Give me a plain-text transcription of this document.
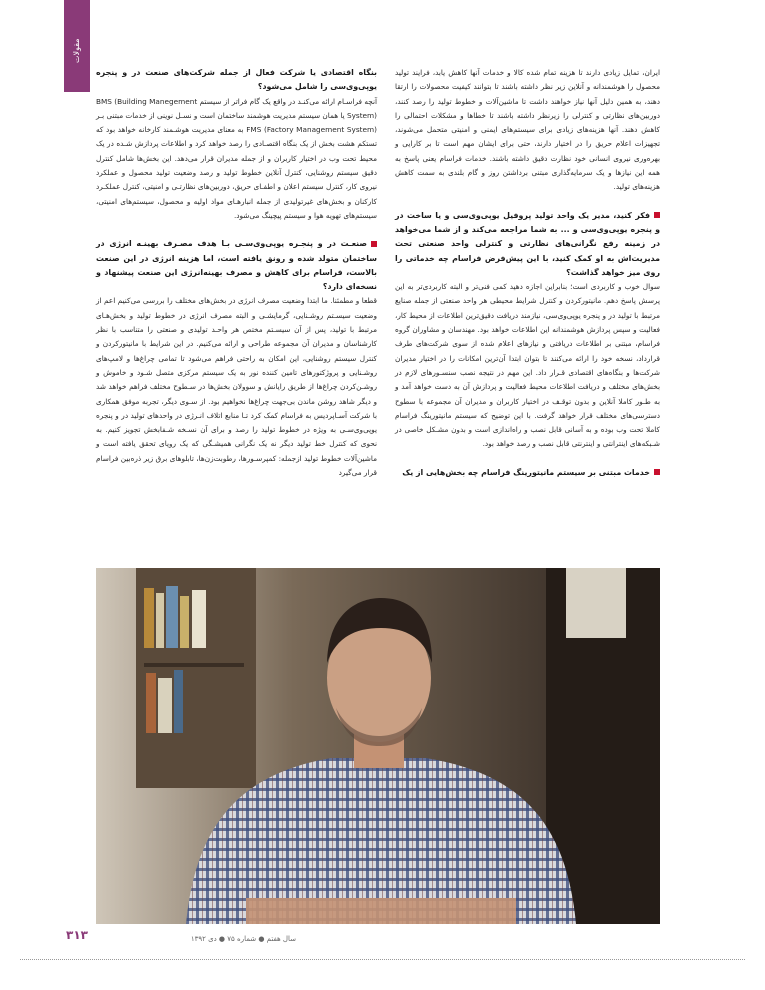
مقولات

ایران، تمایل زیادی دارند تا هزینه تمام شده کالا و خدمات آنها کاهش یابد، فرایند تولید محصول را هوشمندانه و آنلاین زیر نظر داشته باشند تا بتوانند کیفیت محصولات را ارتقا دهند، به همین دلیل آنها نیاز خواهند داشت تا ماشین‌آلات و خطوط تولید را رصد کنند، دوربین‌های نظارتی و کنترلی را زیرنظر داشته باشند تا خطاها و مشکلات احتمالی را کاهش دهند. آنها هزینه‌های زیادی برای سیستم‌های ایمنی و امنیتی متحمل می‌شوند، تجهیزات اعلام حریق را در اختیار دارند، حتی برای ایشان مهم است تا بر کارایی و بهره‌وری نیروی انسانی خود نظارت دقیق داشته باشند. خدمات فراسام یعنی پاسخ به همه این نیازها و یک سرمایه‌گذاری مبتنی برداشتن روز و گام بلندی به سمت کاهش هزینه‌های تولید.

فکر کنید، مدیر یک واحد تولید پروفیل یوپی‌وی‌سی و یا ساخت در و پنجره یوپی‌وی‌سی و ... به شما مراجعه می‌کند و از شما می‌خواهد در زمینه رفع نگرانی‌های نظارتی و کنترلی واحد صنعتی تحت مدیریت‌اش به او کمک کنید، با این پیش‌فرض فراسام چه خدماتی را روی میز خواهد گذاشت؟

سوال خوب و کاربردی است؛ بنابراین اجازه دهید کمی فنی‌تر و البته کاربردی‌تر به این پرسش پاسخ دهم. مانیتورکردن و کنترل شرایط محیطی هر واحد صنعتی از جمله صنایع مرتبط با تولید در و پنجره یوپی‌وی‌سی، نیازمند دریافت دقیق‌ترین اطلاعات از محیط کار، فعالیت و سپس پردازش هوشمندانه این اطلاعات خواهد بود. مهندسان و مشاوران گروه فراسام، مبتنی بر اطلاعات دریافتی و نیازهای اعلام شده از سوی شرکت‌های طرف قرارداد، نسخه خود را ارائه می‌کنند تا بتوان ابتدا آن‌ترین امکانات را در اختیار مدیران شرکت‌ها و بنگاه‌های اقتصادی قـرار داد. این مهم در نتیجه نصب سنسـورهای لازم در بخش‌های مختلف و دریافت اطلاعات محیط فعالیت و پردازش آن به دست خواهد آمد و به طـور کاملا آنلاین و بدون توقـف در اختیار کاربران و مدیران آن مجموعه با سطوح دسترسی‌های مختلف قرار خواهد گرفت. با این توضیح که سیستم مانیتورینگ فراسام کاملا تحت وب بوده و به آسانی قابل نصب و راه‌اندازی است و بدون مشـکل خاصی در شـبکه‌های اینترانتی و اینترنتی قابل نصب و رصد خواهد بود.

خدمات مبتنی بر سیستم مانیتورینگ فراسام چه بخش‌هایی از یک

بنگاه اقتصادی یا شرکت فعال از جمله شرکت‌های صنعت در و پنجره یوپی‌وی‌سی را شامل می‌شود؟

آنچه فراسـام ارائه می‌کنـد در واقع یک گام فراتر از سیستم BMS (Building Manegement System) یا همان سیستم مدیریت هوشمند ساختمان است و نسـل نوینی از خدمات مبتنی بـر (FMS (Factory Management System به معنای مدیریت هوشـمند کارخانه خواهد بود که تستکم هشت بخش از یک بنگاه اقتصـادی را رصد خواهد کرد و اطلاعات پردازش شـده در یک محیط تحت وب در اختیار کاربران و از جمله مدیران قرار می‌دهد. این بخش‌ها شامل کنترل دقیق سیستم روشنایی، کنترل آنلاین خطوط تولید و رصد وضعیت تولید محصول و عملکرد نیروی کار، کنترل سیستم اعلان و اطفـای حریق، دوربین‌های نظارتـی و امنیتی، کنترل عملکـرد کارکنان و بخش‌های غیرتولیدی از جمله انبارهـای مواد اولیه و محصول، سیستم‌های امنیتی، سیستم‌های تهویه هوا و سیستم پیچینگ می‌شود.

صنعـت در و پنجـره یوپی‌وی‌سـی بـا هدف مصـرف بهینـه انرژی در ساختمان متولد شده و رونق یافته است، اما هزینه انرژی در این صنعت بالاست، فراسام برای کاهش و مصرف بهینه‌انرژی این صنعت پیشنهاد و نسخه‌ای دارد؟

قطعا و مطمئنا. ما ابتدا وضعیت مصرف انرژی در بخش‌های مختلف را بررسی می‌کنیم اعم از وضعیت سیسـتم روشـنایی، گرمایشـی و البته مصرف انرژی در خطوط تولید و بخش‌هـای مرتبط با تولید، پس از آن سیسـتم مختص هر واحـد تولیدی و صنعتی را متناسب با نظر کارشناسان و مدیران آن مجموعه طراحی و ارائه می‌کنیم. در این شرایط با مانیتورکردن و کنترل سیستم روشنایی، این امکان به راحتی فراهم می‌شود تا تمامی چراغ‌ها و لامپ‌های روشـنایی و پروژکتورهای تامین کننده نور به یک سیستم مرکزی متصل شـود و خاموش و روشـن‌کردن چراغ‌ها از طریق رایانش و سوولان بخش‌ها در سـطوح مختلف فراهم خواهد شد و دیگر شاهد روشن ماندن بی‌جهت چراغ‌ها نخواهیم بود. از سـوی دیگر، تجربه موفق همکاری با شرکت آسـاپردیس به فراسام کمک کرد تـا منابع اتلاف انـرژی در واحدهای تولید در و پنجره یوپی‌وی‌سـی به ویژه در خطوط تولید را رصد و برای آن نسـخه شـفابخش تجویز کنیم. به نحوی که کنترل خط تولید دیگر نه یک نگرانی همیشـگی که یک رویای تحقق یافته است و ماشین‌آلات خطوط تولید ازجمله: کمپرسـورها، رطوبت‌زن‌ها، تابلوهای برق زیر ذره‌بین فراسام قرار می‌گیرد

۳۱۳	سال هفتم ● شماره ۷۵ ● دی ۱۳۹۲
